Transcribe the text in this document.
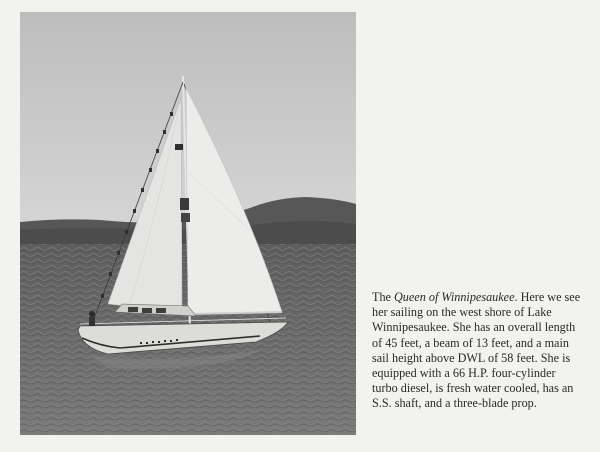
The Queen of Winnipesaukee. Here we see her sailing on the west shore of Lake Winnipesaukee. She has an overall length of 45 feet, a beam of 13 feet, and a main sail height above DWL of 58 feet. She is equipped with a 66 H.P. four-cylinder turbo diesel, is fresh water cooled, has an S.S. shaft, and a three-blade prop.
